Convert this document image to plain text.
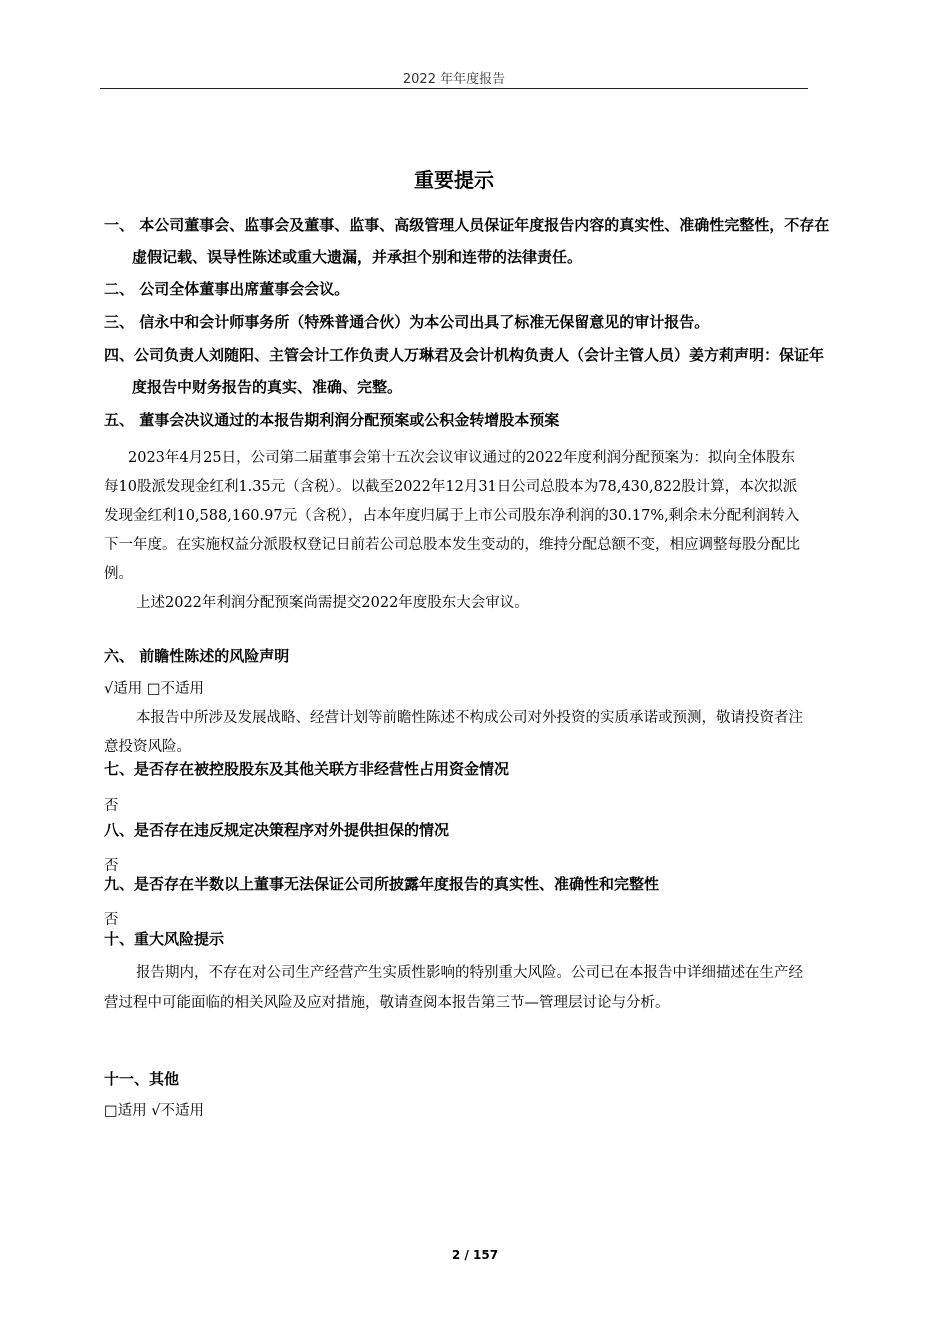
2022 年年度报告
重要提示
一、 本公司董事会、监事会及董事、监事、高级管理人员保证年度报告内容的真实性、准确性完整性，不存在虚假记载、误导性陈述或重大遗漏，并承担个别和连带的法律责任。
二、 公司全体董事出席董事会会议。
三、 信永中和会计师事务所（特殊普通合伙）为本公司出具了标准无保留意见的审计报告。
四、公司负责人刘随阳、主管会计工作负责人万琳君及会计机构负责人（会计主管人员）姜方莉声明：保证年度报告中财务报告的真实、准确、完整。
五、 董事会决议通过的本报告期利润分配预案或公积金转增股本预案
2023年4月25日，公司第二届董事会第十五次会议审议通过的2022年度利润分配预案为：拟向全体股东每10股派发现金红利1.35元（含税）。以截至2022年12月31日公司总股本为78,430,822股计算，本次拟派发现金红利10,588,160.97元（含税），占本年度归属于上市公司股东净利润的30.17%,剩余未分配利润转入下一年度。在实施权益分派股权登记日前若公司总股本发生变动的，维持分配总额不变，相应调整每股分配比例。
上述2022年利润分配预案尚需提交2022年度股东大会审议。
六、 前瞻性陈述的风险声明
√适用 □不适用
本报告中所涉及发展战略、经营计划等前瞻性陈述不构成公司对外投资的实质承诺或预测，敬请投资者注意投资风险。
七、是否存在被控股股东及其他关联方非经营性占用资金情况
否
八、是否存在违反规定决策程序对外提供担保的情况
否
九、是否存在半数以上董事无法保证公司所披露年度报告的真实性、准确性和完整性
否
十、重大风险提示
报告期内，不存在对公司生产经营产生实质性影响的特别重大风险。公司已在本报告中详细描述在生产经营过程中可能面临的相关风险及应对措施，敬请查阅本报告第三节—管理层讨论与分析。
十一、其他
□适用 √不适用
2 / 157
